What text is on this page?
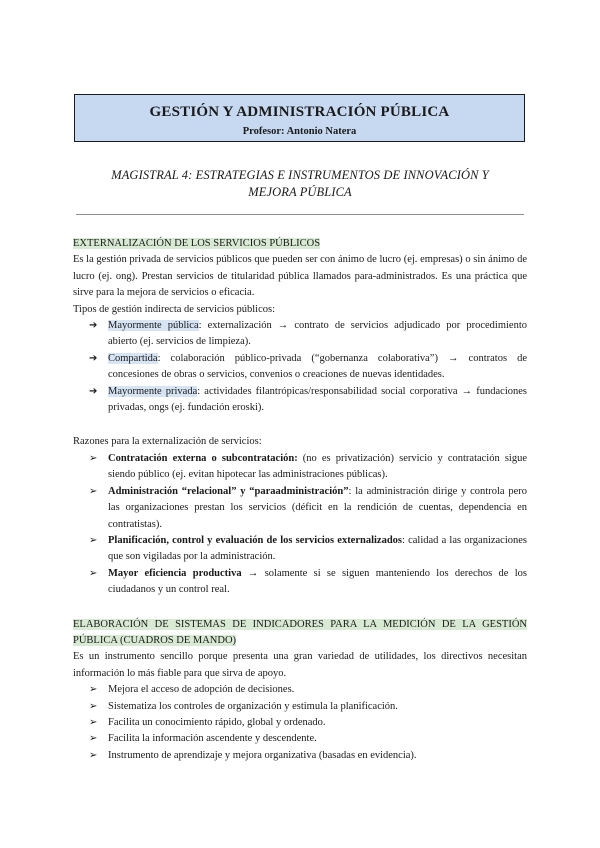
GESTIÓN Y ADMINISTRACIÓN PÚBLICA
Profesor: Antonio Natera
MAGISTRAL 4: ESTRATEGIAS E INSTRUMENTOS DE INNOVACIÓN Y
MEJORA PÚBLICA

EXTERNALIZACIÓN DE LOS SERVICIOS PÚBLICOS

Es la gestión privada de servicios públicos que pueden ser con ánimo de lucro (ej. empresas) o sin ánimo de lucro (ej. ong). Prestan servicios de titularidad pública llamados para-administrados. Es una práctica que sirve para la mejora de servicios o eficacia.

Tipos de gestión indirecta de servicios públicos:

➔ Mayormente pública: externalización → contrato de servicios adjudicado por procedimiento abierto (ej. servicios de limpieza).
➔ Compartida: colaboración público-privada (“gobernanza colaborativa”) → contratos de concesiones de obras o servicios, convenios o creaciones de nuevas identidades.
➔ Mayormente privada: actividades filantrópicas/responsabilidad social corporativa → fundaciones privadas, ongs (ej. fundación eroski).

Razones para la externalización de servicios:

➢ Contratación externa o subcontratación: (no es privatización) servicio y contratación sigue siendo público (ej. evitan hipotecar las administraciones públicas).
➢ Administración “relacional” y “paraadministración”: la administración dirige y controla pero las organizaciones prestan los servicios (déficit en la rendición de cuentas, dependencia en contratistas).
➢ Planificación, control y evaluación de los servicios externalizados: calidad a las organizaciones que son vigiladas por la administración.
➢ Mayor eficiencia productiva → solamente si se siguen manteniendo los derechos de los ciudadanos y un control real.

ELABORACIÓN DE SISTEMAS DE INDICADORES PARA LA MEDICIÓN DE LA GESTIÓN PÚBLICA (CUADROS DE MANDO)

Es un instrumento sencillo porque presenta una gran variedad de utilidades, los directivos necesitan información lo más fiable para que sirva de apoyo.

➢ Mejora el acceso de adopción de decisiones.
➢ Sistematiza los controles de organización y estimula la planificación.
➢ Facilita un conocimiento rápido, global y ordenado.
➢ Facilita la información ascendente y descendente.
➢ Instrumento de aprendizaje y mejora organizativa (basadas en evidencia).
